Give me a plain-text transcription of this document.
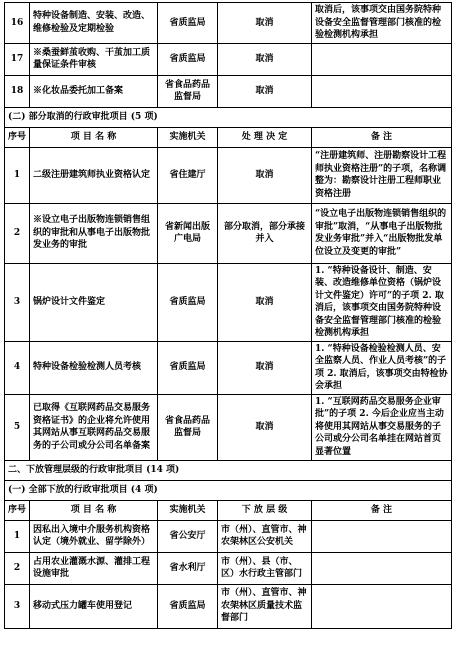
16	特种设备制造、安装、改造、维修检验及定期检验	省质监局	取消	取消后，该事项交由国务院特种设备安全监督管理部门核准的检验检测机构承担
17	※桑蚕鲜茧收购、干茧加工质量保证条件审核	省质监局	取消	
18	※化妆品委托加工备案	省食品药品监督局	取消	
(二) 部分取消的行政审批项目 (5 项)				
序号	项 目 名 称	实施机关	处 理 决 定	备 注
1	二级注册建筑师执业资格认定	省住建厅	取消	“注册建筑师、注册勘察设计工程师执业资格注册”的子项，名称调整为：勘察设计注册工程师职业资格注册
2	※设立电子出版物连锁销售组织的审批和从事电子出版物批发业务的审批	省新闻出版广电局	部分取消，部分承接并入	“设立电子出版物连锁销售组织的审批”取消，“从事电子出版物批发业务审批”并入“出版物批发单位设立及变更的审批”
3	锅炉设计文件鉴定	省质监局	取消	1. “特种设备设计、制造、安装、改造维修单位资格（锅炉设计文件鉴定）许可”的子项 2. 取消后，该事项交由国务院特种设备安全监督管理部门核准的检验检测机构承担
4	特种设备检验检测人员考核	省质监局	取消	1. “特种设备检验检测人员、安全监察人员、作业人员考核”的子项 2. 取消后，该事项交由特检协会承担
5	已取得《互联网药品交易服务资格证书》的企业将允许使用其网站从事互联网药品交易服务的子公司或分公司名单备案	省食品药品监督局	取消	1. “互联网药品交易服务企业审批”的子项 2. 今后企业应当主动将使用其网站从事交易服务的子公司或分公司名单挂在网站首页显著位置
二、下放管理层级的行政审批项目 (14 项)				
(一) 全部下放的行政审批项目 (4 项)				
序号	项 目 名 称	实施机关	下 放 层 级	备 注
1	因私出入境中介服务机构资格认定（境外就业、留学除外）	省公安厅	市（州）、直管市、神农架林区公安机关	
2	占用农业灌溉水源、灌排工程设施审批	省水利厅	市（州）、县（市、区）水行政主管部门	
3	移动式压力罐车使用登记	省质监局	市（州）、直管市、神农架林区质量技术监督部门	
